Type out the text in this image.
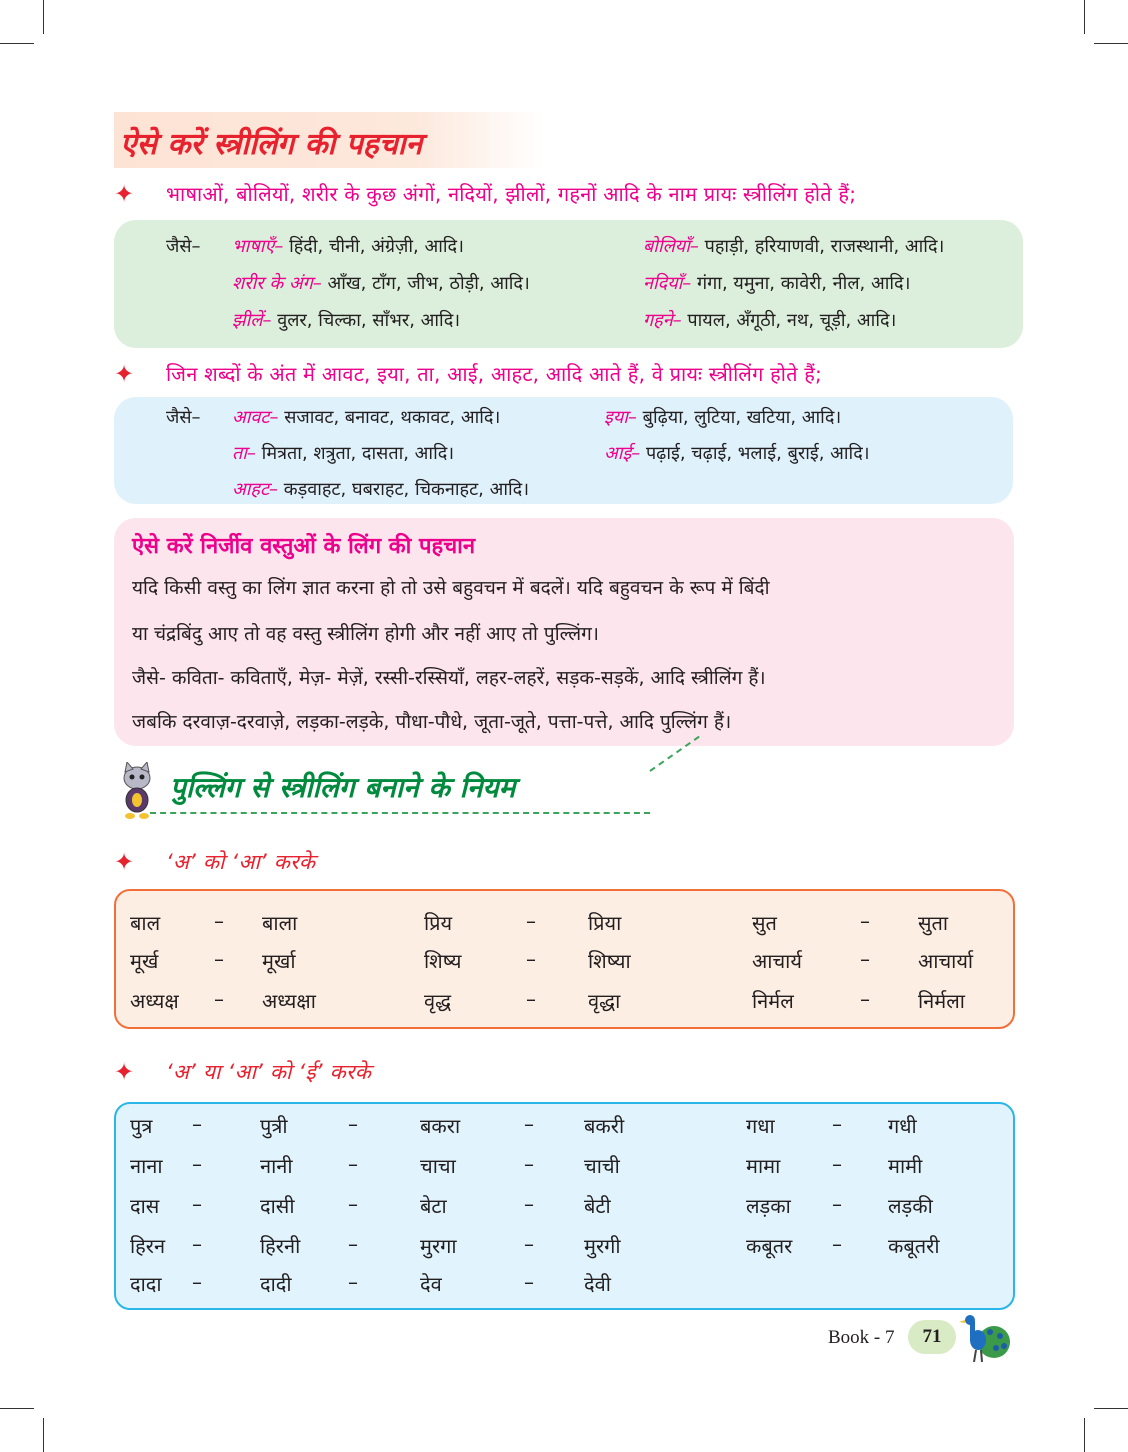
ऐसे करें स्त्रीलिंग की पहचान
✦	भाषाओं, बोलियों, शरीर के कुछ अंगों, नदियों, झीलों, गहनों आदि के नाम प्रायः स्त्रीलिंग होते हैं;
जैसे– भाषाएँ– हिंदी, चीनी, अंग्रेज़ी, आदि।	बोलियाँ– पहाड़ी, हरियाणवी, राजस्थानी, आदि।
शरीर के अंग– आँख, टाँग, जीभ, ठोड़ी, आदि।	नदियाँ– गंगा, यमुना, कावेरी, नील, आदि।
झीलें– वुलर, चिल्का, साँभर, आदि।	गहने– पायल, अँगूठी, नथ, चूड़ी, आदि।
✦	जिन शब्दों के अंत में आवट, इया, ता, आई, आहट, आदि आते हैं, वे प्रायः स्त्रीलिंग होते हैं;
जैसे– आवट– सजावट, बनावट, थकावट, आदि।	इया– बुढ़िया, लुटिया, खटिया, आदि।
ता– मित्रता, शत्रुता, दासता, आदि।	आई– पढ़ाई, चढ़ाई, भलाई, बुराई, आदि।
आहट– कड़वाहट, घबराहट, चिकनाहट, आदि।
ऐसे करें निर्जीव वस्तुओं के लिंग की पहचान
यदि किसी वस्तु का लिंग ज्ञात करना हो तो उसे बहुवचन में बदलें। यदि बहुवचन के रूप में बिंदी
या चंद्रबिंदु आए तो वह वस्तु स्त्रीलिंग होगी और नहीं आए तो पुल्लिंग।
जैसे- कविता- कविताएँ, मेज़- मेज़ें, रस्सी-रस्सियाँ, लहर-लहरें, सड़क-सड़कें, आदि स्त्रीलिंग हैं।
जबकि दरवाज़-दरवाज़े, लड़का-लड़के, पौधा-पौधे, जूता-जूते, पत्ता-पत्ते, आदि पुल्लिंग हैं।
पुल्लिंग से स्त्रीलिंग बनाने के नियम
✦	‘अ’ को ‘आ’ करके
बाल	– बाला	प्रिय	–	प्रिया	सुत	– सुता
मूर्ख	– मूर्खा	शिष्य	–	शिष्या	आचार्य	– आचार्या
अध्यक्ष – अध्यक्षा	वृद्ध	–	वृद्धा	निर्मल	– निर्मला
✦	‘अ’ या ‘आ’ को ‘ई’ करके
पुत्र –	पुत्री	–	बकरा	–	बकरी	गधा	– गधी
नाना –	नानी	–	चाचा	–	चाची	मामा	– मामी
दास –	दासी	–	बेटा	–	बेटी	लड़का – लड़की
हिरन –	हिरनी –	मुरगा	–	मुरगी	कबूतर – कबूतरी
दादा –	दादी	–	देव	–	देवी
Book - 7	71
